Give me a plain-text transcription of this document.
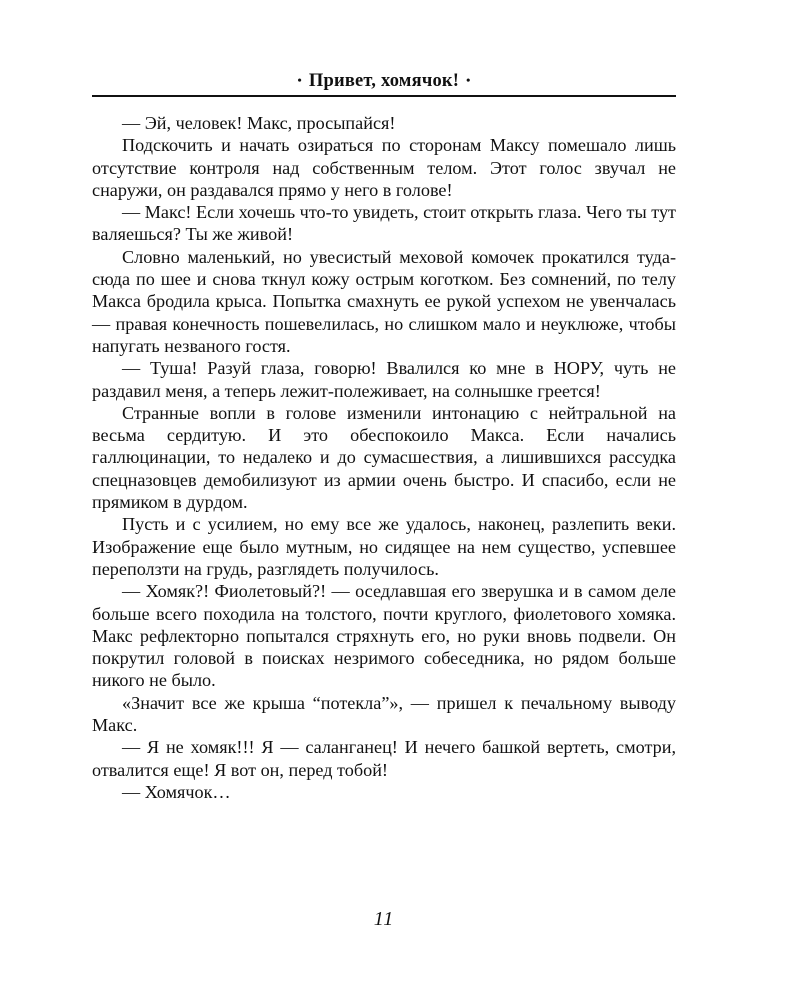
• Привет, хомячок! •

— Эй, человек! Макс, просыпайся!

Подскочить и начать озираться по сторонам Максу помешало лишь отсутствие контроля над собственным телом. Этот голос звучал не снаружи, он раздавался прямо у него в голове!

— Макс! Если хочешь что-то увидеть, стоит открыть глаза. Чего ты тут валяешься? Ты же живой!

Словно маленький, но увесистый меховой комочек прокатился туда-сюда по шее и снова ткнул кожу острым коготком. Без сомнений, по телу Макса бродила крыса. Попытка смахнуть ее рукой успехом не увенчалась — правая конечность пошевелилась, но слишком мало и неуклюже, чтобы напугать незваного гостя.

— Туша! Разуй глаза, говорю! Ввалился ко мне в НОРУ, чуть не раздавил меня, а теперь лежит-полеживает, на солнышке греется!

Странные вопли в голове изменили интонацию с нейтральной на весьма сердитую. И это обеспокоило Макса. Если начались галлюцинации, то недалеко и до сумасшествия, а лишившихся рассудка спецназовцев демобилизуют из армии очень быстро. И спасибо, если не прямиком в дурдом.

Пусть и с усилием, но ему все же удалось, наконец, разлепить веки. Изображение еще было мутным, но сидящее на нем существо, успевшее переползти на грудь, разглядеть получилось.

— Хомяк?! Фиолетовый?! — оседлавшая его зверушка и в самом деле больше всего походила на толстого, почти круглого, фиолетового хомяка. Макс рефлекторно попытался стряхнуть его, но руки вновь подвели. Он покрутил головой в поисках незримого собеседника, но рядом больше никого не было.

«Значит все же крыша “потекла”», — пришел к печальному выводу Макс.

— Я не хомяк!!! Я — саланганец! И нечего башкой вертеть, смотри, отвалится еще! Я вот он, перед тобой!

— Хомячок…

11
